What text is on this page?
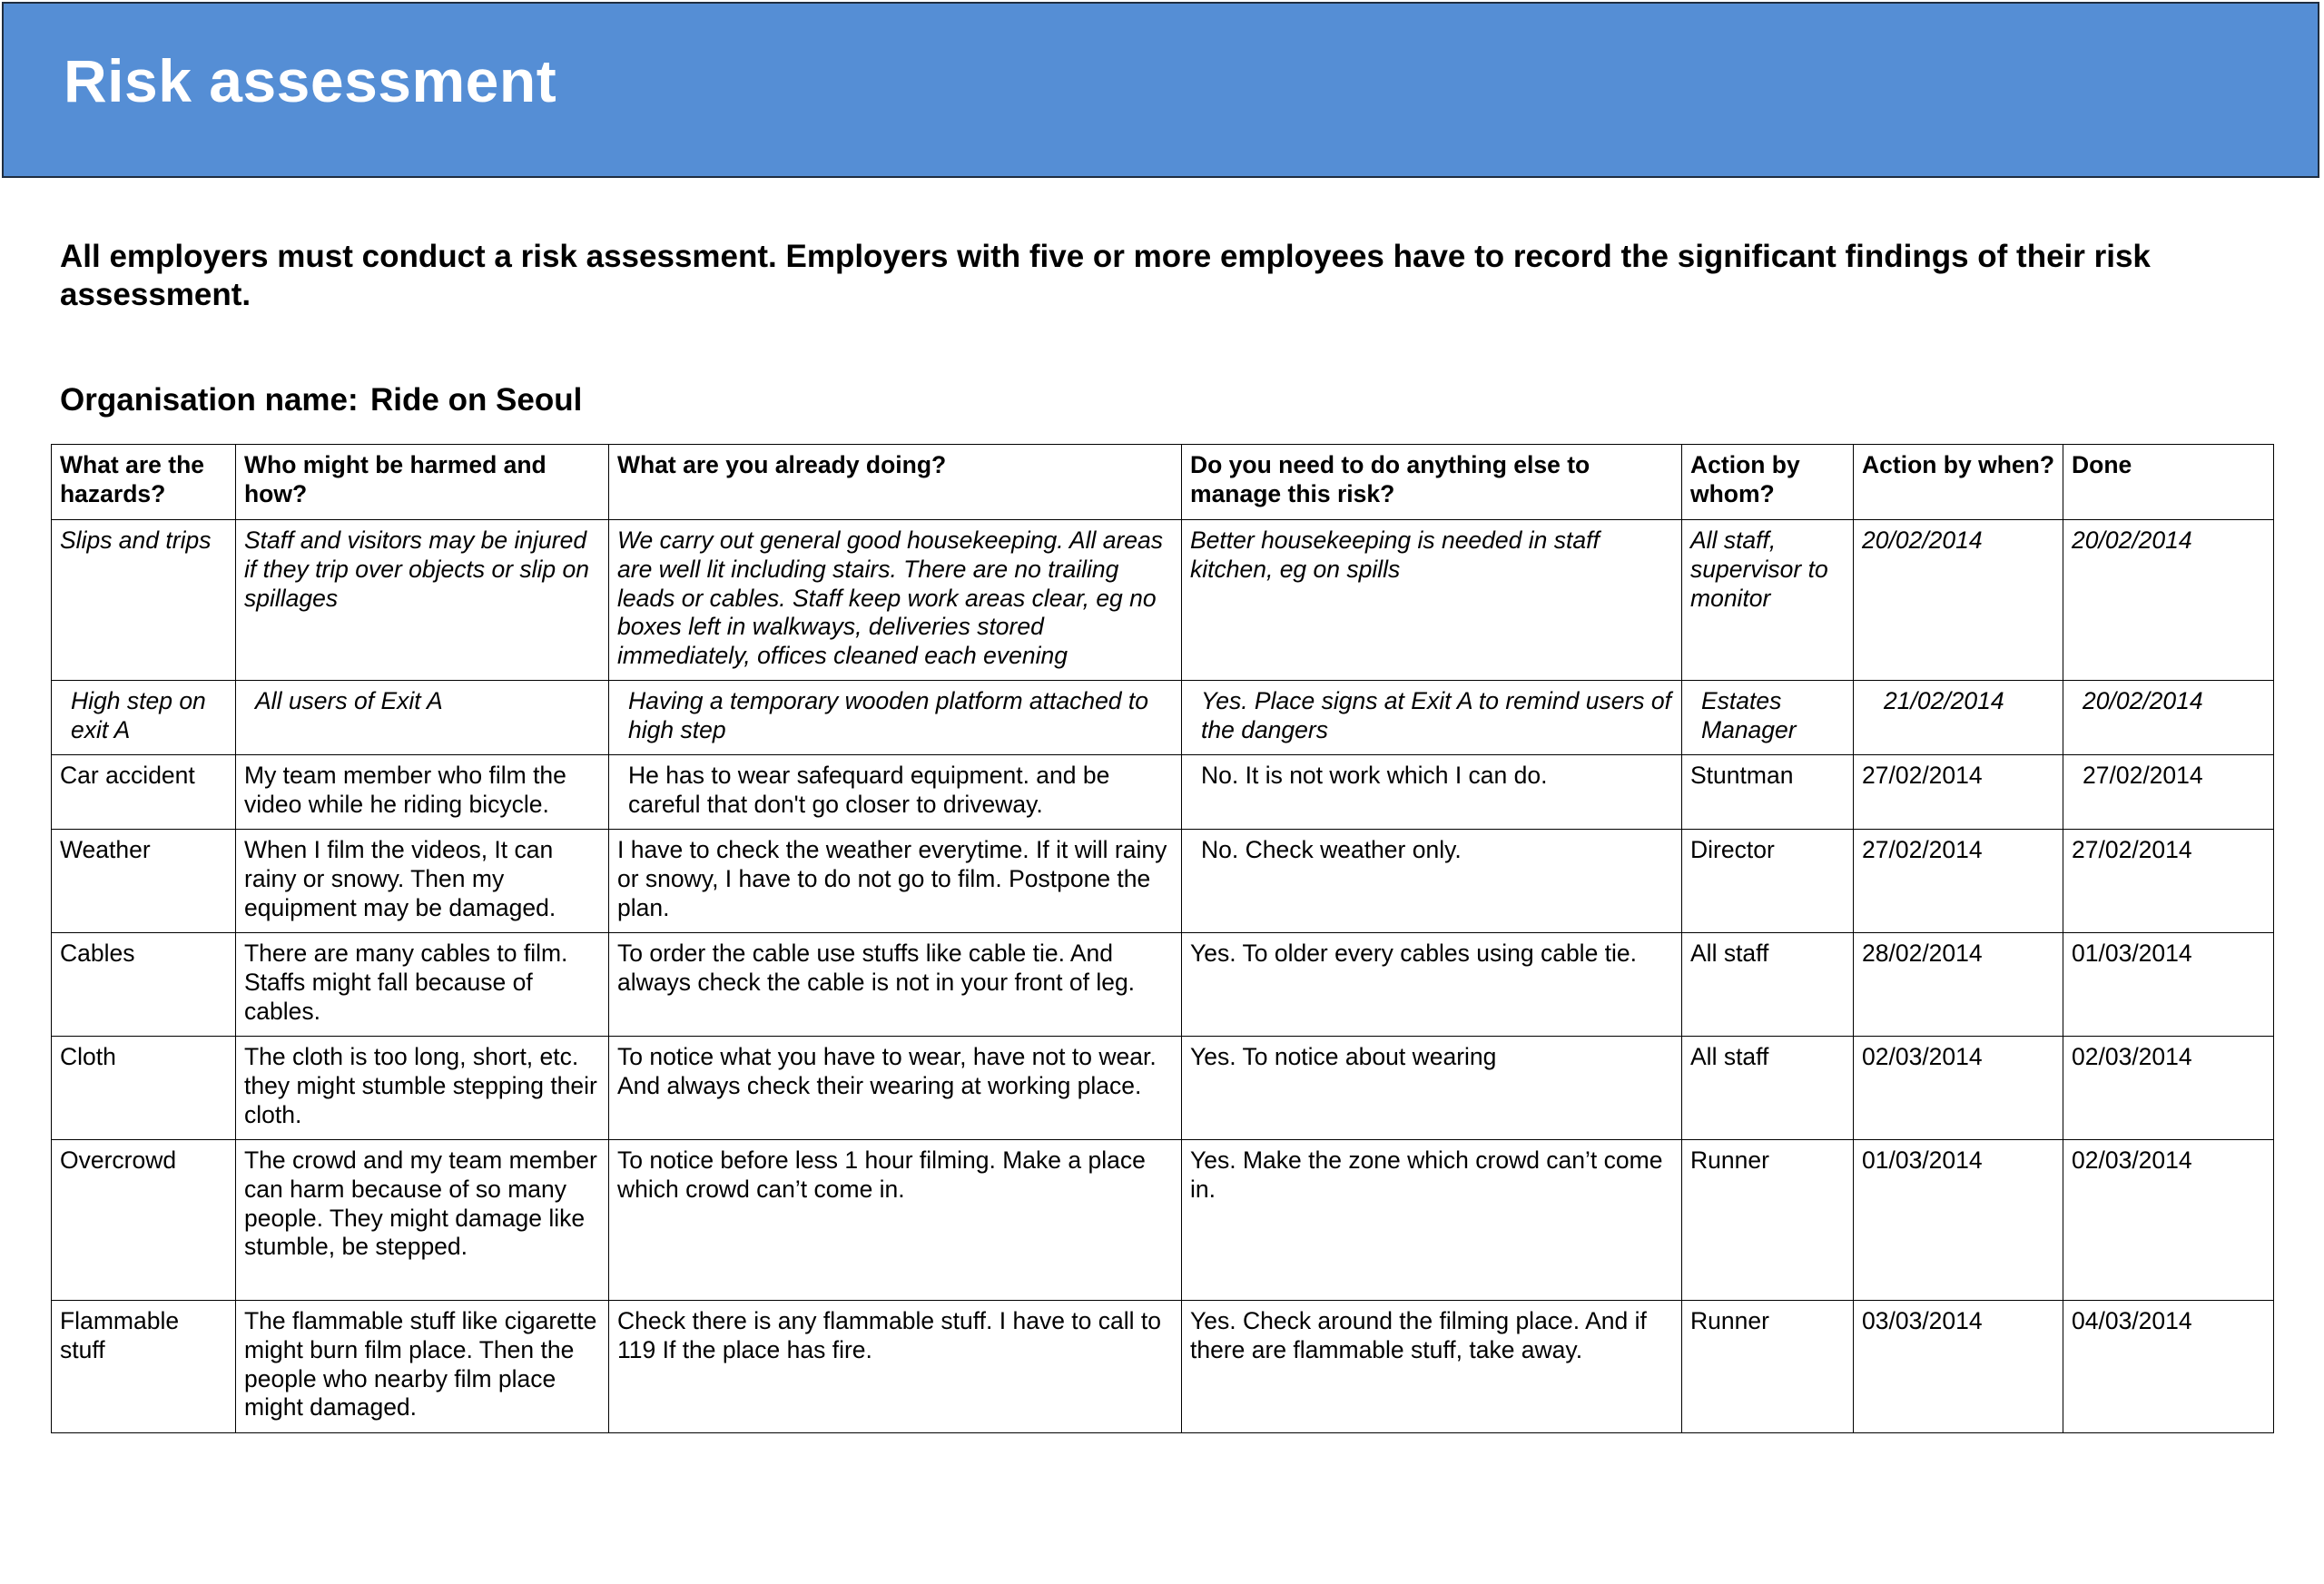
Risk assessment
All employers must conduct a risk assessment. Employers with five or more employees have to record the significant findings of their risk assessment.
Organisation name: Ride on Seoul
What are the hazards?	Who might be harmed and how?	What are you already doing?	Do you need to do anything else to manage this risk?	Action by whom?	Action by when?	Done
Slips and trips	Staff and visitors may be injured if they trip over objects or slip on spillages	We carry out general good housekeeping. All areas are well lit including stairs. There are no trailing leads or cables. Staff keep work areas clear, eg no boxes left in walkways, deliveries stored immediately, offices cleaned each evening	Better housekeeping is needed in staff kitchen, eg on spills	All staff, supervisor to monitor	20/02/2014	20/02/2014
High step on exit A	All users of Exit A	Having a temporary wooden platform attached to high step	Yes. Place signs at Exit A to remind users of the dangers	Estates Manager	21/02/2014	20/02/2014
Car accident	My team member who film the video while he riding bicycle.	He has to wear safequard equipment. and be careful that don't go closer to driveway.	No. It is not work which I can do.	Stuntman	27/02/2014	27/02/2014
Weather	When I film the videos, It can rainy or snowy. Then my equipment may be damaged.	I have to check the weather everytime. If it will rainy or snowy, I have to do not go to film. Postpone the plan.	No. Check weather only.	Director	27/02/2014	27/02/2014
Cables	There are many cables to film. Staffs might fall because of cables.	To order the cable use stuffs like cable tie. And always check the cable is not in your front of leg.	Yes. To older every cables using cable tie.	All staff	28/02/2014	01/03/2014
Cloth	The cloth is too long, short, etc. they might stumble stepping their cloth.	To notice what you have to wear, have not to wear. And always check their wearing at working place.	Yes. To notice about wearing	All staff	02/03/2014	02/03/2014
Overcrowd	The crowd and my team member can harm because of so many people. They might damage like stumble, be stepped.	To notice before less 1 hour filming. Make a place which crowd can’t come in.	Yes. Make the zone which crowd can’t come in.	Runner	01/03/2014	02/03/2014
Flammable stuff	The flammable stuff like cigarette might burn film place. Then the people who nearby film place might damaged.	Check there is any flammable stuff. I have to call to 119 If the place has fire.	Yes. Check around the filming place. And if there are flammable stuff, take away.	Runner	03/03/2014	04/03/2014
